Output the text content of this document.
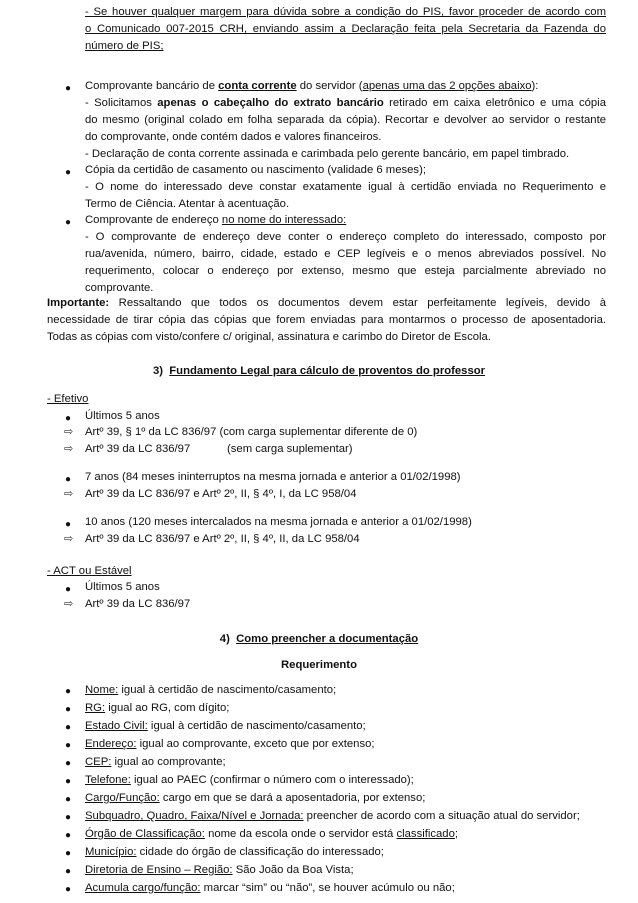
- Se houver qualquer margem para dúvida sobre a condição do PIS, favor proceder de acordo com
o Comunicado 007-2015 CRH, enviando assim a Declaração feita pela Secretaria da Fazenda do
número de PIS;
● Comprovante bancário de conta corrente do servidor (apenas uma das 2 opções abaixo):
- Solicitamos apenas o cabeçalho do extrato bancário retirado em caixa eletrônico e uma cópia
do mesmo (original colado em folha separada da cópia). Recortar e devolver ao servidor o restante
do comprovante, onde contém dados e valores financeiros.
- Declaração de conta corrente assinada e carimbada pelo gerente bancário, em papel timbrado.
● Cópia da certidão de casamento ou nascimento (validade 6 meses);
- O nome do interessado deve constar exatamente igual à certidão enviada no Requerimento e
Termo de Ciência. Atentar à acentuação.
● Comprovante de endereço no nome do interessado:
- O comprovante de endereço deve conter o endereço completo do interessado, composto por
rua/avenida, número, bairro, cidade, estado e CEP legíveis e o menos abreviados possível. No
requerimento, colocar o endereço por extenso, mesmo que esteja parcialmente abreviado no
comprovante.
Importante: Ressaltando que todos os documentos devem estar perfeitamente legíveis, devido à
necessidade de tirar cópia das cópias que forem enviadas para montarmos o processo de aposentadoria.
Todas as cópias com visto/confere c/ original, assinatura e carimbo do Diretor de Escola.
3) Fundamento Legal para cálculo de proventos do professor
- Efetivo
● Últimos 5 anos
⇨ Artº 39, § 1º da LC 836/97 (com carga suplementar diferente de 0)
⇨ Artº 39 da LC 836/97	(sem carga suplementar)
● 7 anos (84 meses ininterruptos na mesma jornada e anterior a 01/02/1998)
⇨ Artº 39 da LC 836/97 e Artº 2º, II, § 4º, I, da LC 958/04
● 10 anos (120 meses intercalados na mesma jornada e anterior a 01/02/1998)
⇨ Artº 39 da LC 836/97 e Artº 2º, II, § 4º, II, da LC 958/04
- ACT ou Estável
● Últimos 5 anos
⇨ Artº 39 da LC 836/97
4) Como preencher a documentação
Requerimento
● Nome: igual à certidão de nascimento/casamento;
● RG: igual ao RG, com dígito;
● Estado Civil: igual à certidão de nascimento/casamento;
● Endereço: igual ao comprovante, exceto que por extenso;
● CEP: igual ao comprovante;
● Telefone: igual ao PAEC (confirmar o número com o interessado);
● Cargo/Função: cargo em que se dará a aposentadoria, por extenso;
● Subquadro, Quadro, Faixa/Nível e Jornada: preencher de acordo com a situação atual do servidor;
● Órgão de Classificação: nome da escola onde o servidor está classificado;
● Município: cidade do órgão de classificação do interessado;
● Diretoria de Ensino – Região: São João da Boa Vista;
● Acumula cargo/função: marcar “sim” ou “não”, se houver acúmulo ou não;
